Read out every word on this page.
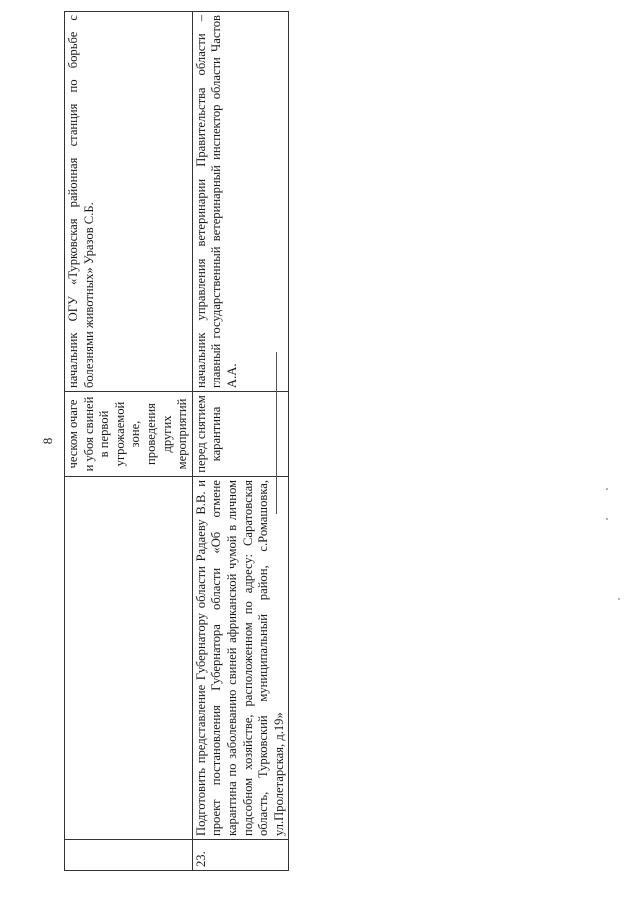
8
		ческом очаге и убоя свиней в первой угрожаемой зоне, проведения других мероприятий	начальник ОГУ «Турковская районная станция по борьбе с болезнями животных» Уразов С.Б.
23.	Подготовить представление Губернатору области Радаеву В.В. и проект постановления Губернатора области «Об отмене карантина по заболеванию свиней африканской чумой в личном подсобном хозяйстве, расположенном по адресу: Саратовская область, Турковский муниципальный район, с.Ромашовка, ул.Пролетарская, д.19»	перед снятием карантина	начальник управления ветеринарии Правительства области – главный государственный ветеринарный инспектор области Частов А.А.
